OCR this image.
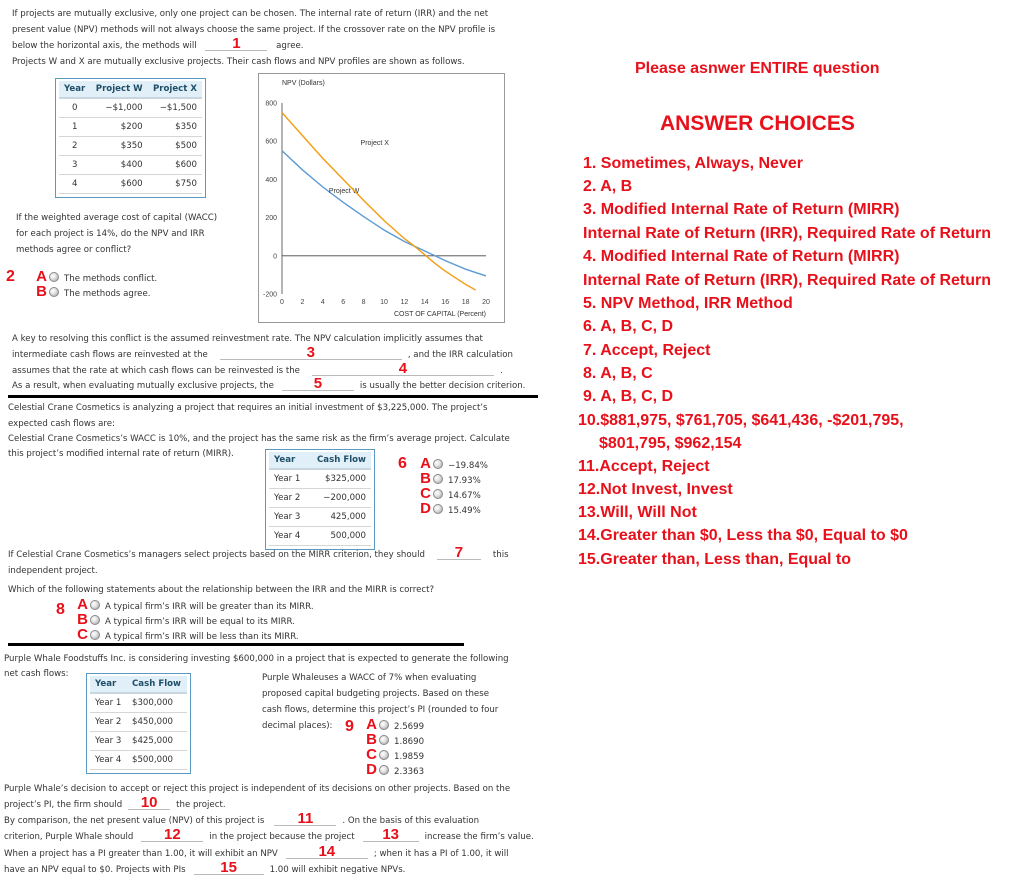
If projects are mutually exclusive, only one project can be chosen. The internal rate of return (IRR) and the net
present value (NPV) methods will not always choose the same project. If the crossover rate on the NPV profile is
below the horizontal axis, the methods will 1	agree.
Projects W and X are mutually exclusive projects. Their cash flows and NPV profiles are shown as follows.
Year	Project W	Project X
0	−$1,000	−$1,500
1	$200	$350
2	$350	$500
3	$400	$600
4	$600	$750
NPV (Dollars)
800
600
400
200
0
-200
0 2 4 6 8 10 12 14 16 18 20
COST OF CAPITAL (Percent)
Project W
Project X
If the weighted average cost of capital (WACC)
for each project is 14%, do the NPV and IRR
methods agree or conflict?
2 A The methods conflict.
B The methods agree.
A key to resolving this conflict is the assumed reinvestment rate. The NPV calculation implicitly assumes that
intermediate cash flows are reinvested at the	3	, and the IRR calculation
assumes that the rate at which cash flows can be reinvested is the	4	.
As a result, when evaluating mutually exclusive projects, the	5	is usually the better decision criterion.
Celestial Crane Cosmetics is analyzing a project that requires an initial investment of $3,225,000. The project’s
expected cash flows are:
Celestial Crane Cosmetics’s WACC is 10%, and the project has the same risk as the firm’s average project. Calculate
this project’s modified internal rate of return (MIRR).
Year	Cash Flow
Year 1	$325,000
Year 2	−200,000
Year 3	425,000
Year 4	500,000
6 A −19.84%
B 17.93%
C 14.67%
D 15.49%
If Celestial Crane Cosmetics’s managers select projects based on the MIRR criterion, they should 7	this
independent project.
Which of the following statements about the relationship between the IRR and the MIRR is correct?
8 A A typical firm’s IRR will be greater than its MIRR.
B A typical firm’s IRR will be equal to its MIRR.
C A typical firm’s IRR will be less than its MIRR.
Purple Whale Foodstuffs Inc. is considering investing $600,000 in a project that is expected to generate the following
net cash flows:
Year	Cash Flow
Year 1	$300,000
Year 2	$450,000
Year 3	$425,000
Year 4	$500,000
Purple Whaleuses a WACC of 7% when evaluating
proposed capital budgeting projects. Based on these
cash flows, determine this project’s PI (rounded to four
decimal places): 9 A 2.5699
B 1.8690
C 1.9859
D 2.3363
Purple Whale’s decision to accept or reject this project is independent of its decisions on other projects. Based on the
project’s PI, the firm should 10 the project.
By comparison, the net present value (NPV) of this project is 11	. On the basis of this evaluation
criterion, Purple Whale should 12	in the project because the project 13	increase the firm’s value.
When a project has a PI greater than 1.00, it will exhibit an NPV	14	; when it has a PI of 1.00, it will
have an NPV equal to $0. Projects with PIs 15	1.00 will exhibit negative NPVs.
Please asnwer ENTIRE question
ANSWER CHOICES
1. Sometimes, Always, Never
2. A, B
3. Modified Internal Rate of Return (MIRR)
Internal Rate of Return (IRR), Required Rate of Return
4. Modified Internal Rate of Return (MIRR)
Internal Rate of Return (IRR), Required Rate of Return
5. NPV Method, IRR Method
6. A, B, C, D
7. Accept, Reject
8. A, B, C
9. A, B, C, D
10.$881,975, $761,705, $641,436, -$201,795,
$801,795, $962,154
11.Accept, Reject
12.Not Invest, Invest
13.Will, Will Not
14.Greater than $0, Less tha $0, Equal to $0
15.Greater than, Less than, Equal to
